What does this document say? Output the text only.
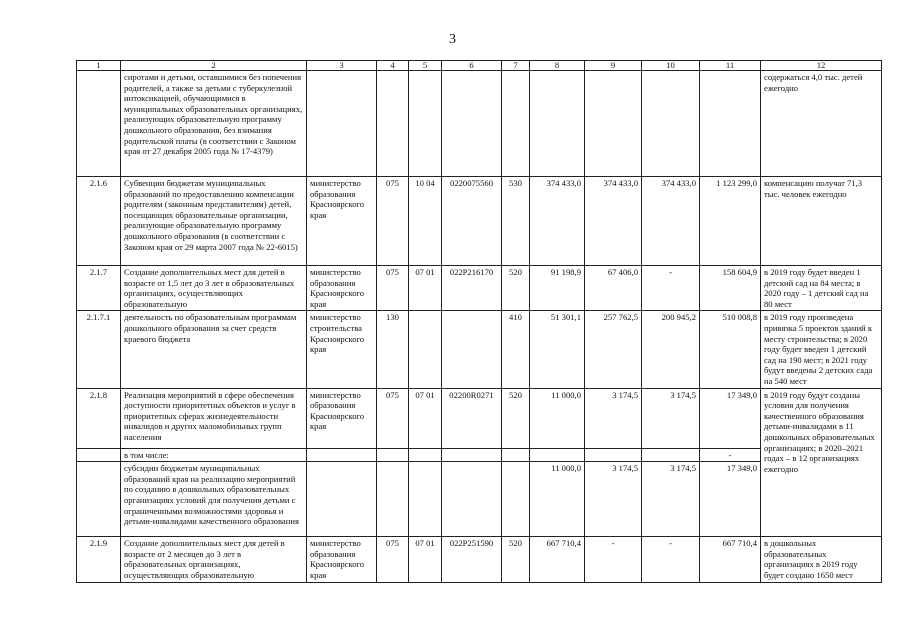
3
1	2	3	4	5	6	7	8	9	10	11	12
	сиротами и детьми, оставшимися без попечения родителей, а также за детьми с туберкулезной интоксикацией, обучающимися в муниципальных образовательных организациях, реализующих образовательную программу дошкольного образования, без взимания родительской платы (в соответствии с Законом края от 27 декабря 2005 года № 17-4379)										содержаться 4,0 тыс. детей ежегодно
2.1.6	Субвенции бюджетам муниципальных образований по предоставлению компенсации родителям (законным представителям) детей, посещающих образовательные организации, реализующие образовательную программу дошкольного образования (в соответствии с Законом края от 29 марта 2007 года № 22-6015)	министерство образования Красноярского края	075	10 04	0220075560	530	374 433,0	374 433,0	374 433,0	1 123 299,0	компенсацию получат 71,3 тыс. человек ежегодно
2.1.7	Создание дополнительных мест для детей в возрасте от 1,5 лет до 3 лет в образовательных организациях, осуществляющих образовательную	министерство образования Красноярского края	075	07 01	022P216170	520	91 198,9	67 406,0	-	158 604,9	в 2019 году будет введен 1 детский сад на 84 места; в 2020 году – 1 детский сад на 80 мест
2.1.7.1	деятельность по образовательным программам дошкольного образования за счет средств краевого бюджета	министерство строительства Красноярского края	130			410	51 301,1	257 762,5	200 945,2	510 008,8	в 2019 году произведена привязка 5 проектов зданий к месту строительства; в 2020 году будет введен 1 детский сад на 190 мест; в 2021 году будут введены 2 детских сада на 540 мест
2.1.8	Реализация мероприятий в сфере обеспечения доступности приоритетных объектов и услуг в приоритетных сферах жизнедеятельности инвалидов и других маломобильных групп населения	министерство образования Красноярского края	075	07 01	02200R0271	520	11 000,0	3 174,5	3 174,5	17 349,0	в 2019 году будут созданы условия для получения качественного образования детьми-инвалидами в 11 дошкольных образовательных организациях; в 2020–2021 годах – в 12 организациях ежегодно
	в том числе:									-	
	субсидии бюджетам муниципальных образований края на реализацию мероприятий по созданию в дошкольных образовательных организациях условий для получения детьми с ограниченными возможностями здоровья и детьми-инвалидами качественного образования						11 000,0	3 174,5	3 174,5	17 349,0	
2.1.9	Создание дополнительных мест для детей в возрасте от 2 месяцев до 3 лет в образовательных организациях, осуществляющих образовательную	министерство образования Красноярского края	075	07 01	022P251590	520	667 710,4	-	-	667 710,4	в дошкольных образовательных организациях в 2019 году будет создано 1650 мест
